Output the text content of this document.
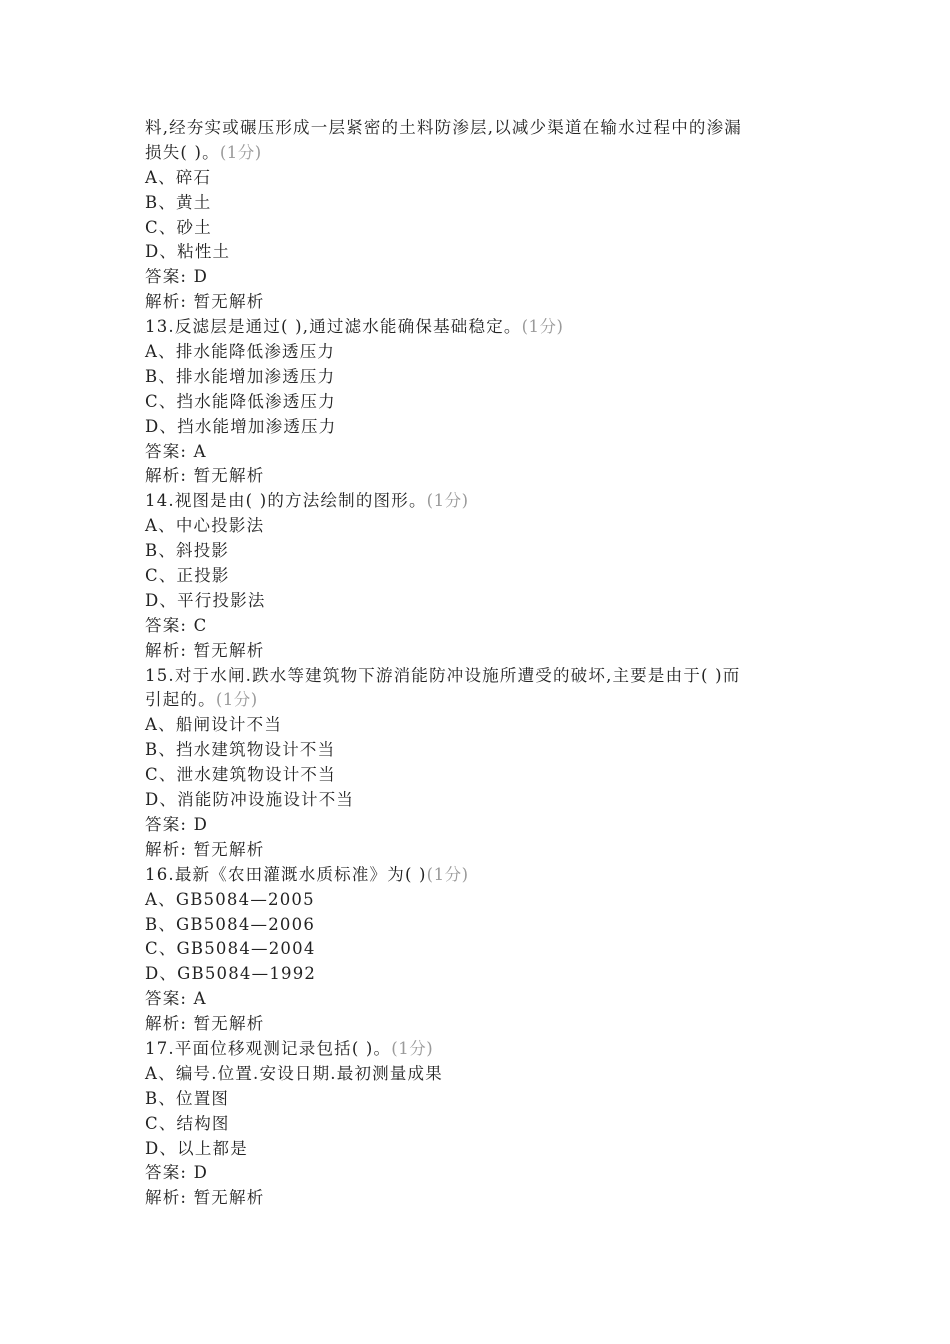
料,经夯实或碾压形成一层紧密的土料防渗层,以减少渠道在输水过程中的渗漏
损失( )。(1分)
A、碎石
B、黄土
C、砂土
D、粘性土
答案: D
解析: 暂无解析
13.反滤层是通过( ),通过滤水能确保基础稳定。(1分)
A、排水能降低渗透压力
B、排水能增加渗透压力
C、挡水能降低渗透压力
D、挡水能增加渗透压力
答案: A
解析: 暂无解析
14.视图是由( )的方法绘制的图形。(1分)
A、中心投影法
B、斜投影
C、正投影
D、平行投影法
答案: C
解析: 暂无解析
15.对于水闸.跌水等建筑物下游消能防冲设施所遭受的破坏,主要是由于( )而
引起的。(1分)
A、船闸设计不当
B、挡水建筑物设计不当
C、泄水建筑物设计不当
D、消能防冲设施设计不当
答案: D
解析: 暂无解析
16.最新《农田灌溉水质标准》为( )(1分)
A、GB5084—2005
B、GB5084—2006
C、GB5084—2004
D、GB5084—1992
答案: A
解析: 暂无解析
17.平面位移观测记录包括( )。(1分)
A、编号.位置.安设日期.最初测量成果
B、位置图
C、结构图
D、以上都是
答案: D
解析: 暂无解析
